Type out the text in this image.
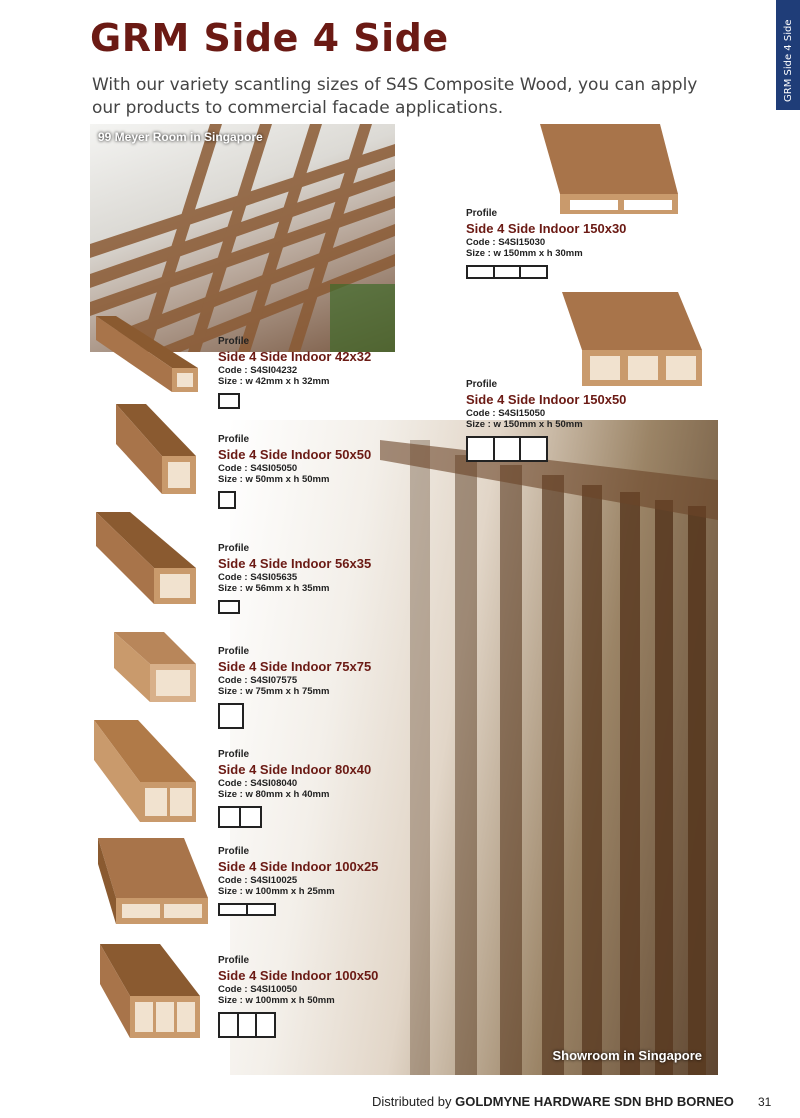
GRM Side 4 Side
GRM Side 4 Side
With our variety scantling sizes of S4S Composite Wood, you can apply our products to commercial facade applications.
99 Meyer Room in Singapore
Showroom in Singapore
Profile
Side 4 Side Indoor 150x30
Code : S4SI15030
Size : w 150mm x h 30mm
Profile
Side 4 Side Indoor 150x50
Code : S4SI15050
Size : w 150mm x h 50mm
Profile
Side 4 Side Indoor 42x32
Code : S4SI04232
Size : w 42mm x h 32mm
Profile
Side 4 Side Indoor 50x50
Code : S4SI05050
Size : w 50mm x h 50mm
Profile
Side 4 Side Indoor 56x35
Code : S4SI05635
Size : w 56mm x h 35mm
Profile
Side 4 Side Indoor 75x75
Code : S4SI07575
Size : w 75mm x h 75mm
Profile
Side 4 Side Indoor 80x40
Code : S4SI08040
Size : w 80mm x h 40mm
Profile
Side 4 Side Indoor 100x25
Code : S4SI10025
Size : w 100mm x h 25mm
Profile
Side 4 Side Indoor 100x50
Code : S4SI10050
Size : w 100mm x h 50mm
Distributed by GOLDMYNE HARDWARE SDN BHD BORNEO 31
